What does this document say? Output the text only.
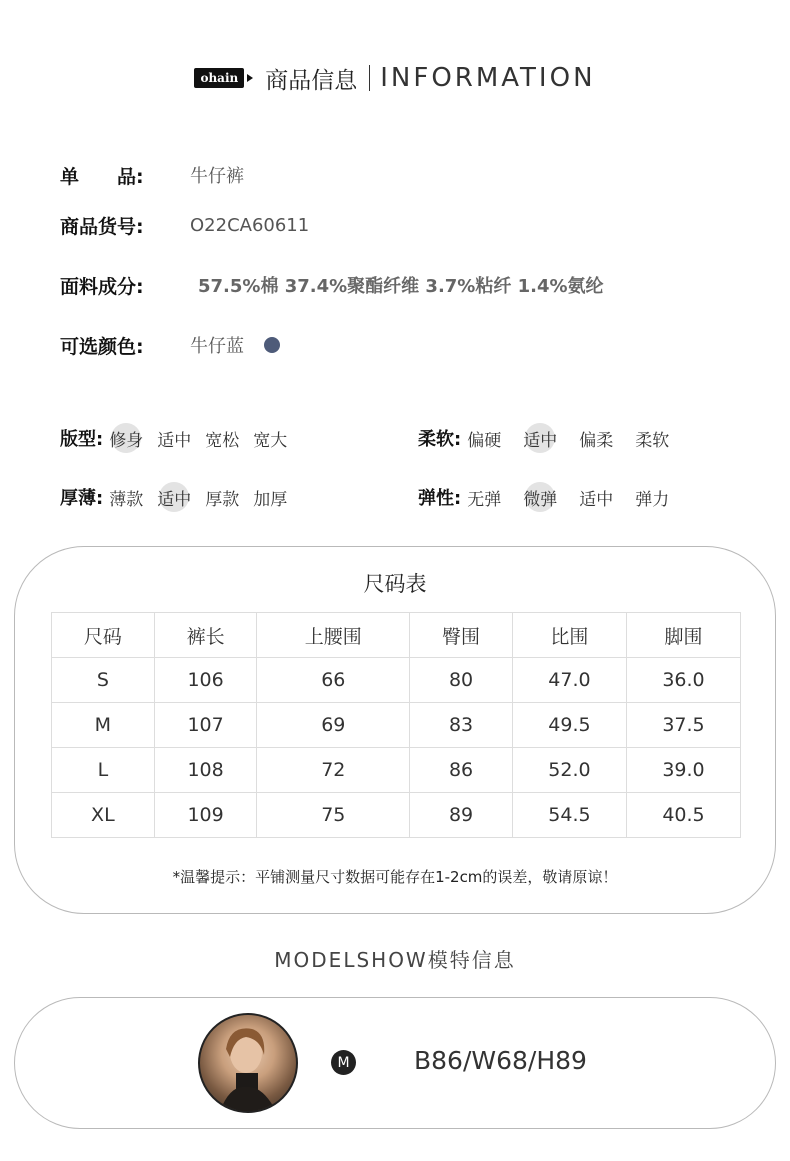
ohain 商品信息 INFORMATION
单　　品:	牛仔裤
商品货号:	O22CA60611
面料成分:	57.5%棉 37.4%聚酯纤维 3.7%粘纤 1.4%氨纶
可选颜色:	牛仔蓝
版型: 修身 适中 宽松 宽大	柔软: 偏硬 适中 偏柔 柔软
厚薄: 薄款 适中 厚款 加厚	弹性: 无弹 微弹 适中 弹力
尺码表
尺码	裤长	上腰围	臀围	比围	脚围
S	106	66	80	47.0	36.0
M	107	69	83	49.5	37.5
L	108	72	86	52.0	39.0
XL	109	75	89	54.5	40.5
*温馨提示：平铺测量尺寸数据可能存在1-2cm的误差，敬请原谅！
MODELSHOW模特信息
M	B86/W68/H89
